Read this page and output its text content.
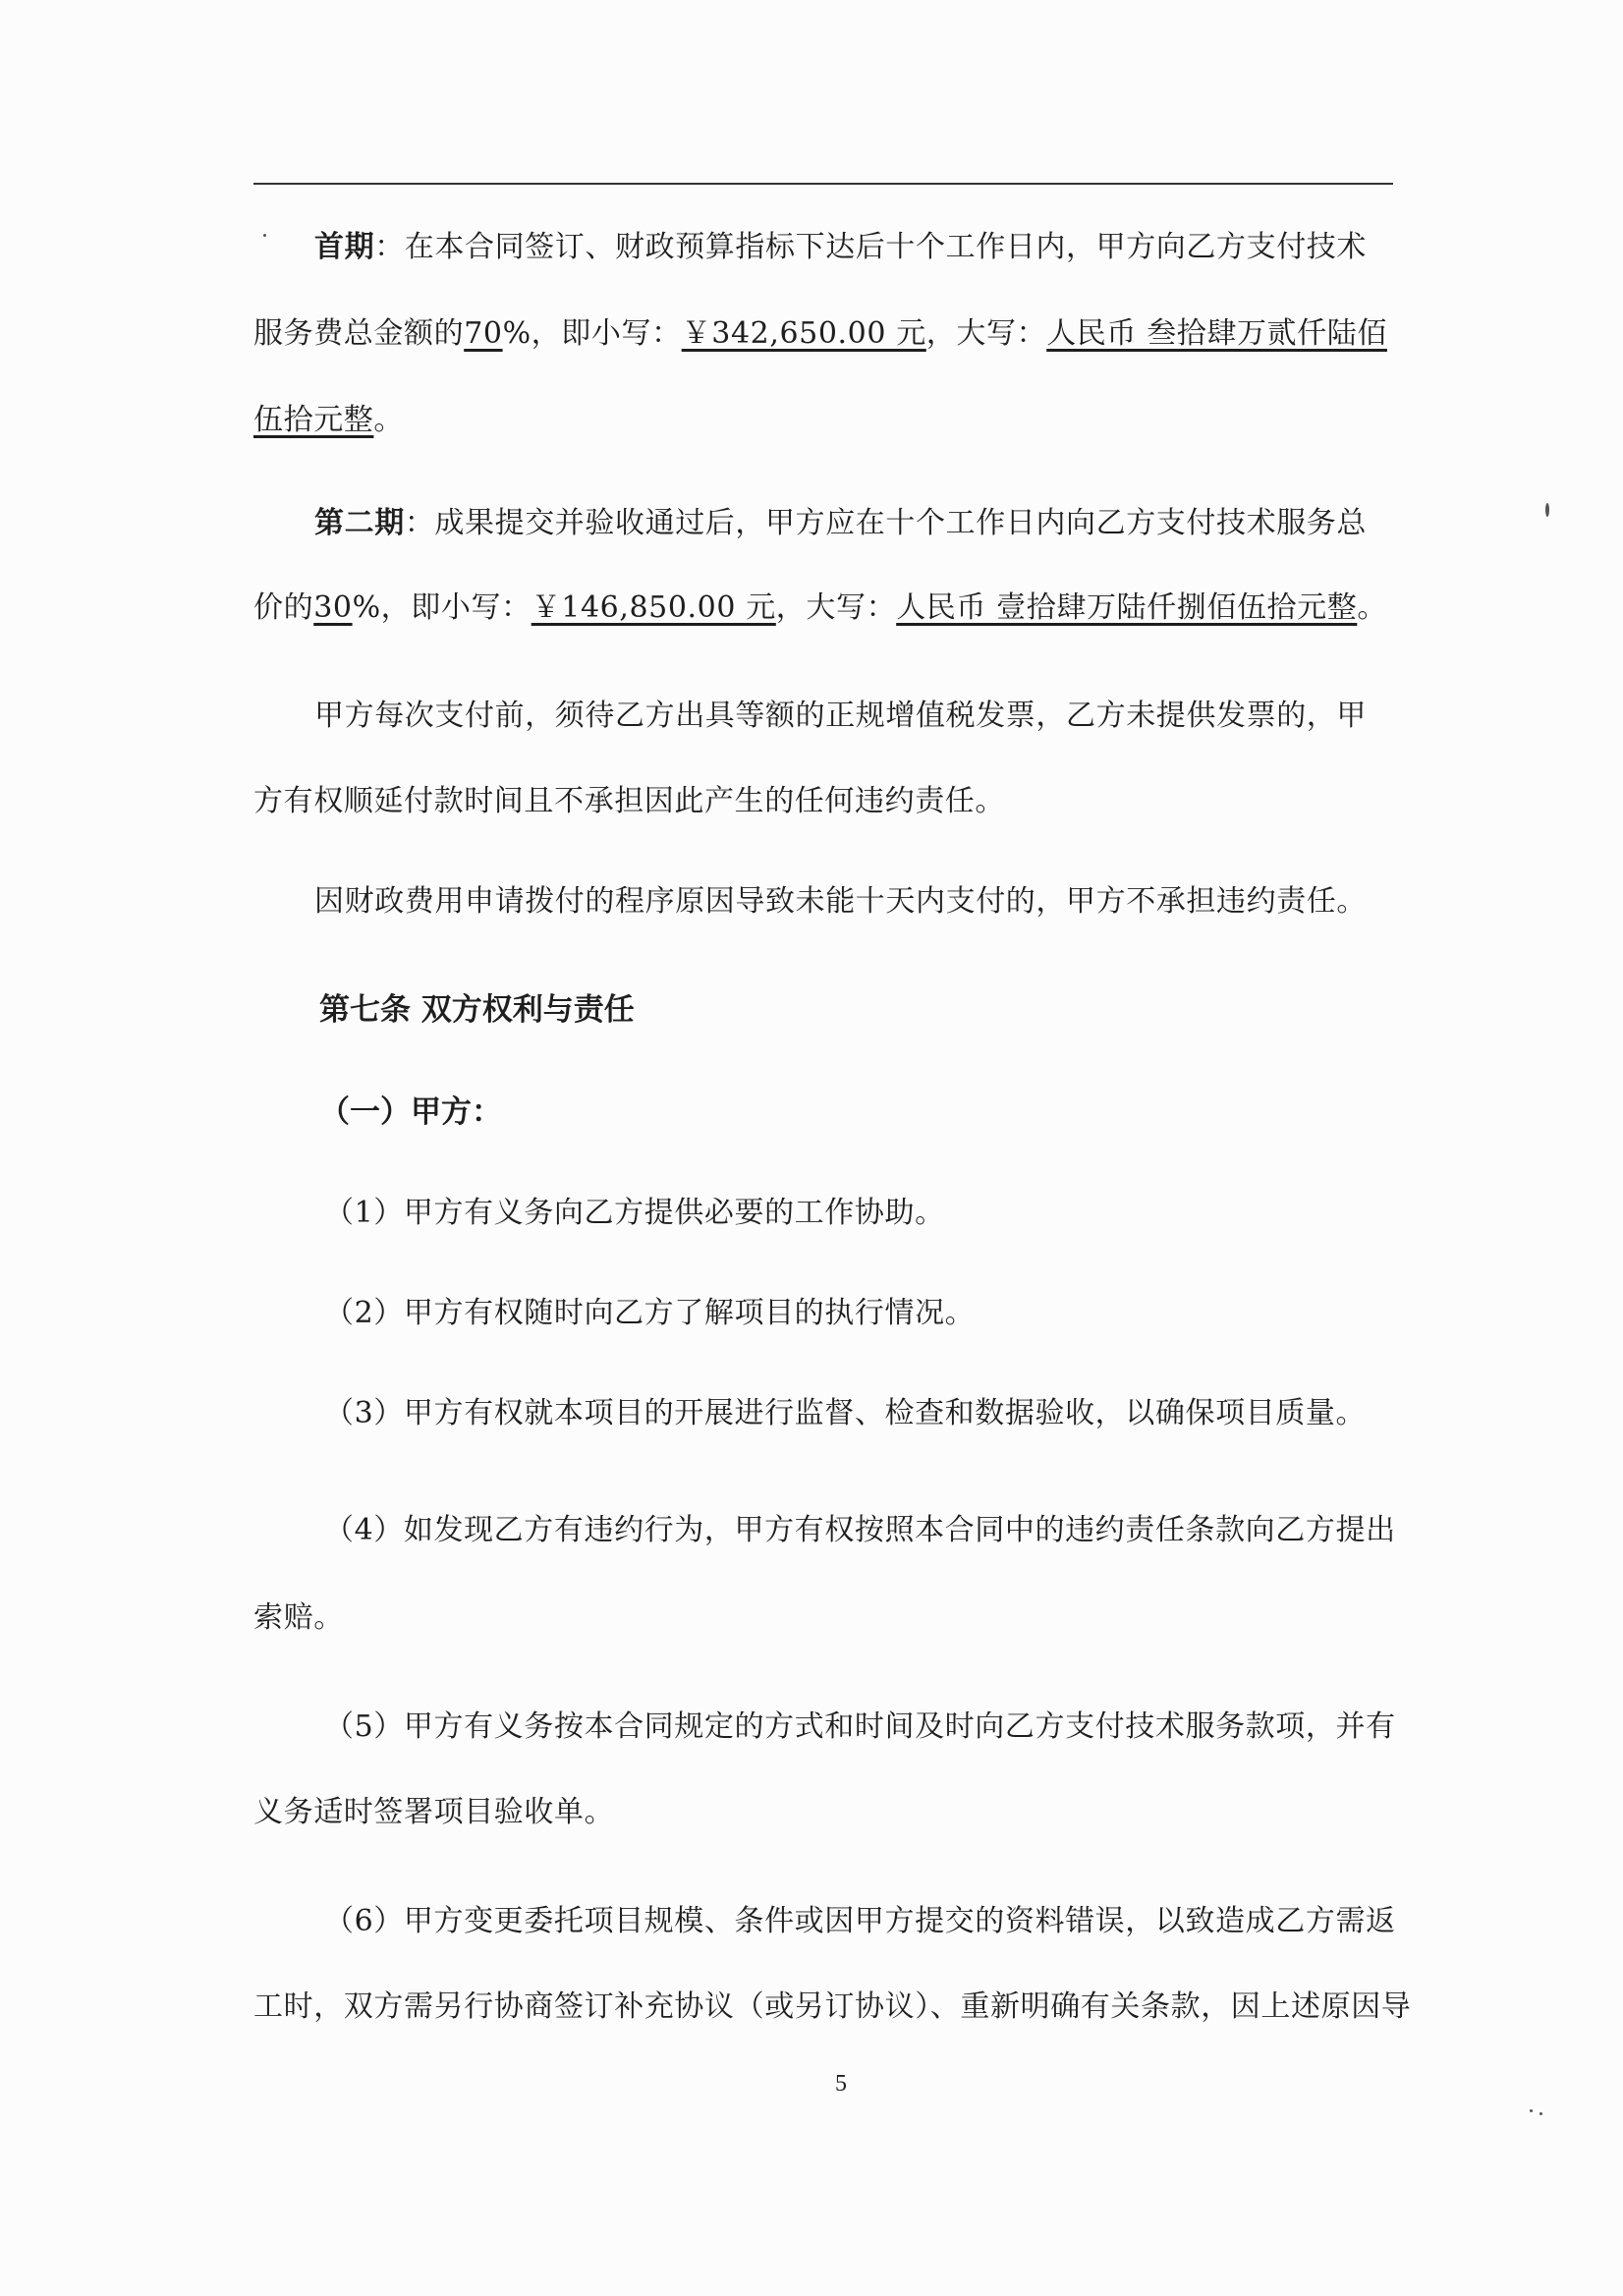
首期：在本合同签订、财政预算指标下达后十个工作日内，甲方向乙方支付技术
服务费总金额的70%，即小写：￥342,650.00 元，大写：人民币 叁拾肆万贰仟陆佰
伍拾元整。
第二期：成果提交并验收通过后，甲方应在十个工作日内向乙方支付技术服务总
价的30%，即小写：￥146,850.00 元，大写：人民币 壹拾肆万陆仟捌佰伍拾元整。
甲方每次支付前，须待乙方出具等额的正规增值税发票，乙方未提供发票的，甲
方有权顺延付款时间且不承担因此产生的任何违约责任。
因财政费用申请拨付的程序原因导致未能十天内支付的，甲方不承担违约责任。
第七条 双方权利与责任
（一）甲方：
（1）甲方有义务向乙方提供必要的工作协助。
（2）甲方有权随时向乙方了解项目的执行情况。
（3）甲方有权就本项目的开展进行监督、检查和数据验收，以确保项目质量。
（4）如发现乙方有违约行为，甲方有权按照本合同中的违约责任条款向乙方提出
索赔。
（5）甲方有义务按本合同规定的方式和时间及时向乙方支付技术服务款项，并有
义务适时签署项目验收单。
（6）甲方变更委托项目规模、条件或因甲方提交的资料错误，以致造成乙方需返
工时，双方需另行协商签订补充协议（或另订协议）、重新明确有关条款，因上述原因导
5
